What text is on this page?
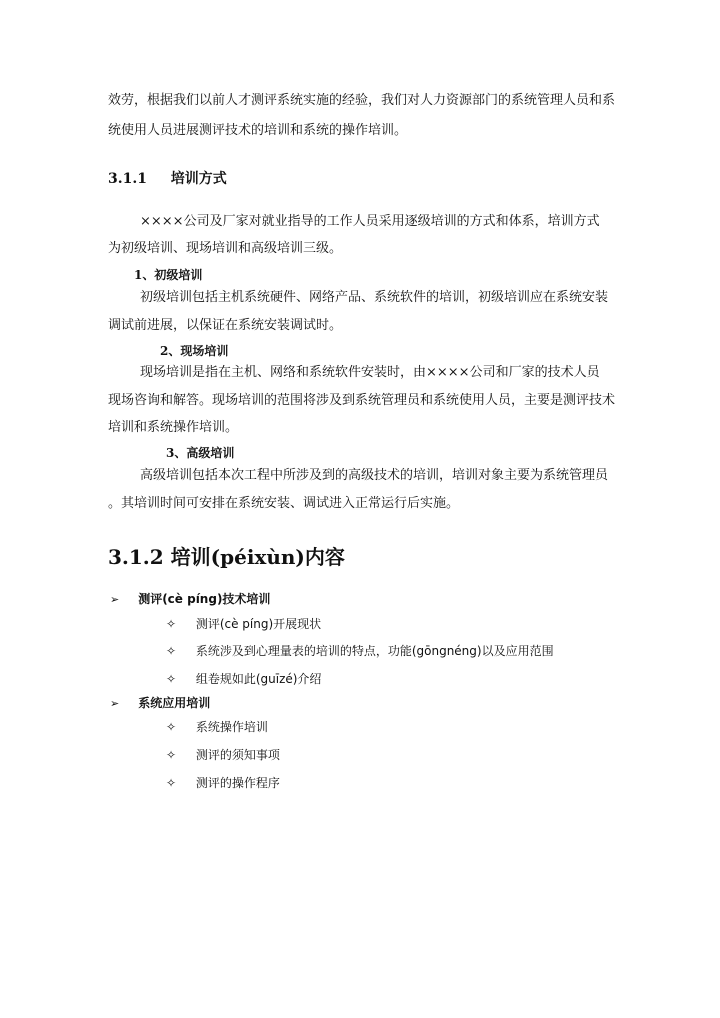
效劳，根据我们以前人才测评系统实施的经验，我们对人力资源部门的系统管理人员和系
统使用人员进展测评技术的培训和系统的操作培训。
3.1.1 培训方式
××××公司及厂家对就业指导的工作人员采用逐级培训的方式和体系，培训方式
为初级培训、现场培训和高级培训三级。
1、初级培训
初级培训包括主机系统硬件、网络产品、系统软件的培训，初级培训应在系统安装
调试前进展，以保证在系统安装调试时。
2、现场培训
现场培训是指在主机、网络和系统软件安装时，由××××公司和厂家的技术人员
现场咨询和解答。现场培训的范围将涉及到系统管理员和系统使用人员，主要是测评技术
培训和系统操作培训。
3、高级培训
高级培训包括本次工程中所涉及到的高级技术的培训，培训对象主要为系统管理员
。其培训时间可安排在系统安装、调试进入正常运行后实施。
3.1.2 培训(péixùn)内容
➢ 测评(cè píng)技术培训
✧ 测评(cè píng)开展现状
✧ 系统涉及到心理量表的培训的特点，功能(gōngnéng)以及应用范围
✧ 组卷规如此(guīzé)介绍
➢ 系统应用培训
✧ 系统操作培训
✧ 测评的须知事项
✧ 测评的操作程序
